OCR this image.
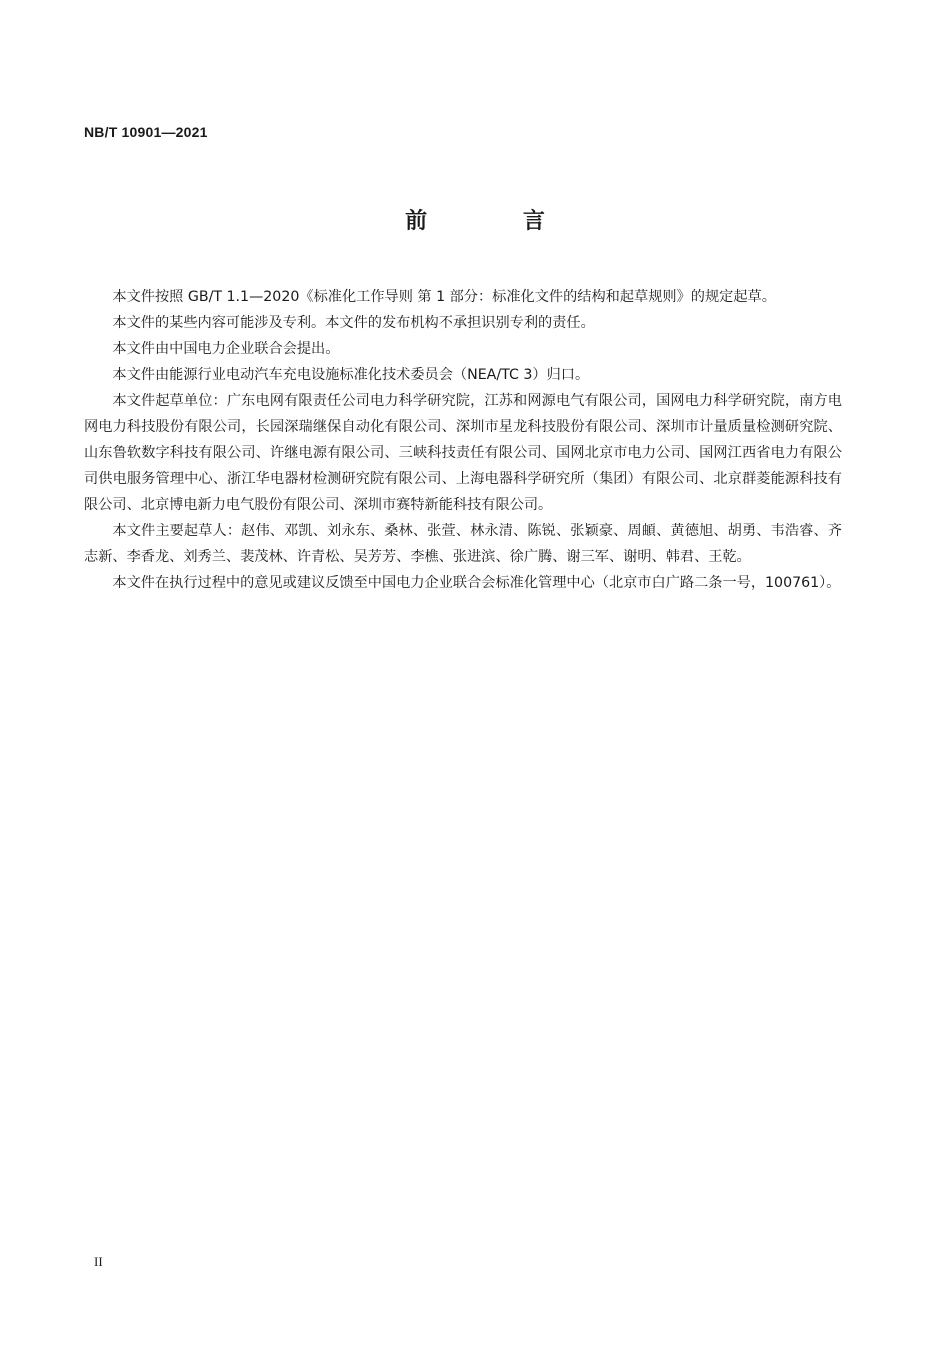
NB/T 10901—2021
前 言

本文件按照 GB/T 1.1—2020《标准化工作导则 第 1 部分：标准化文件的结构和起草规则》的规定起草。

本文件的某些内容可能涉及专利。本文件的发布机构不承担识别专利的责任。

本文件由中国电力企业联合会提出。

本文件由能源行业电动汽车充电设施标准化技术委员会（NEA/TC 3）归口。

本文件起草单位：广东电网有限责任公司电力科学研究院，江苏和网源电气有限公司，国网电力科学研究院，南方电网电力科技股份有限公司，长园深瑞继保自动化有限公司、深圳市星龙科技股份有限公司、深圳市计量质量检测研究院、山东鲁软数字科技有限公司、许继电源有限公司、三峡科技责任有限公司、国网北京市电力公司、国网江西省电力有限公司供电服务管理中心、浙江华电器材检测研究院有限公司、上海电器科学研究所（集团）有限公司、北京群菱能源科技有限公司、北京博电新力电气股份有限公司、深圳市赛特新能科技有限公司。

本文件主要起草人：赵伟、邓凯、刘永东、桑林、张萱、林永清、陈锐、张颖豪、周頔、黄德旭、胡勇、韦浩睿、齐志新、李香龙、刘秀兰、裴茂林、许青松、吴芳芳、李樵、张进滨、徐广腾、谢三军、谢明、韩君、王乾。

本文件在执行过程中的意见或建议反馈至中国电力企业联合会标准化管理中心（北京市白广路二条一号，100761）。

II
